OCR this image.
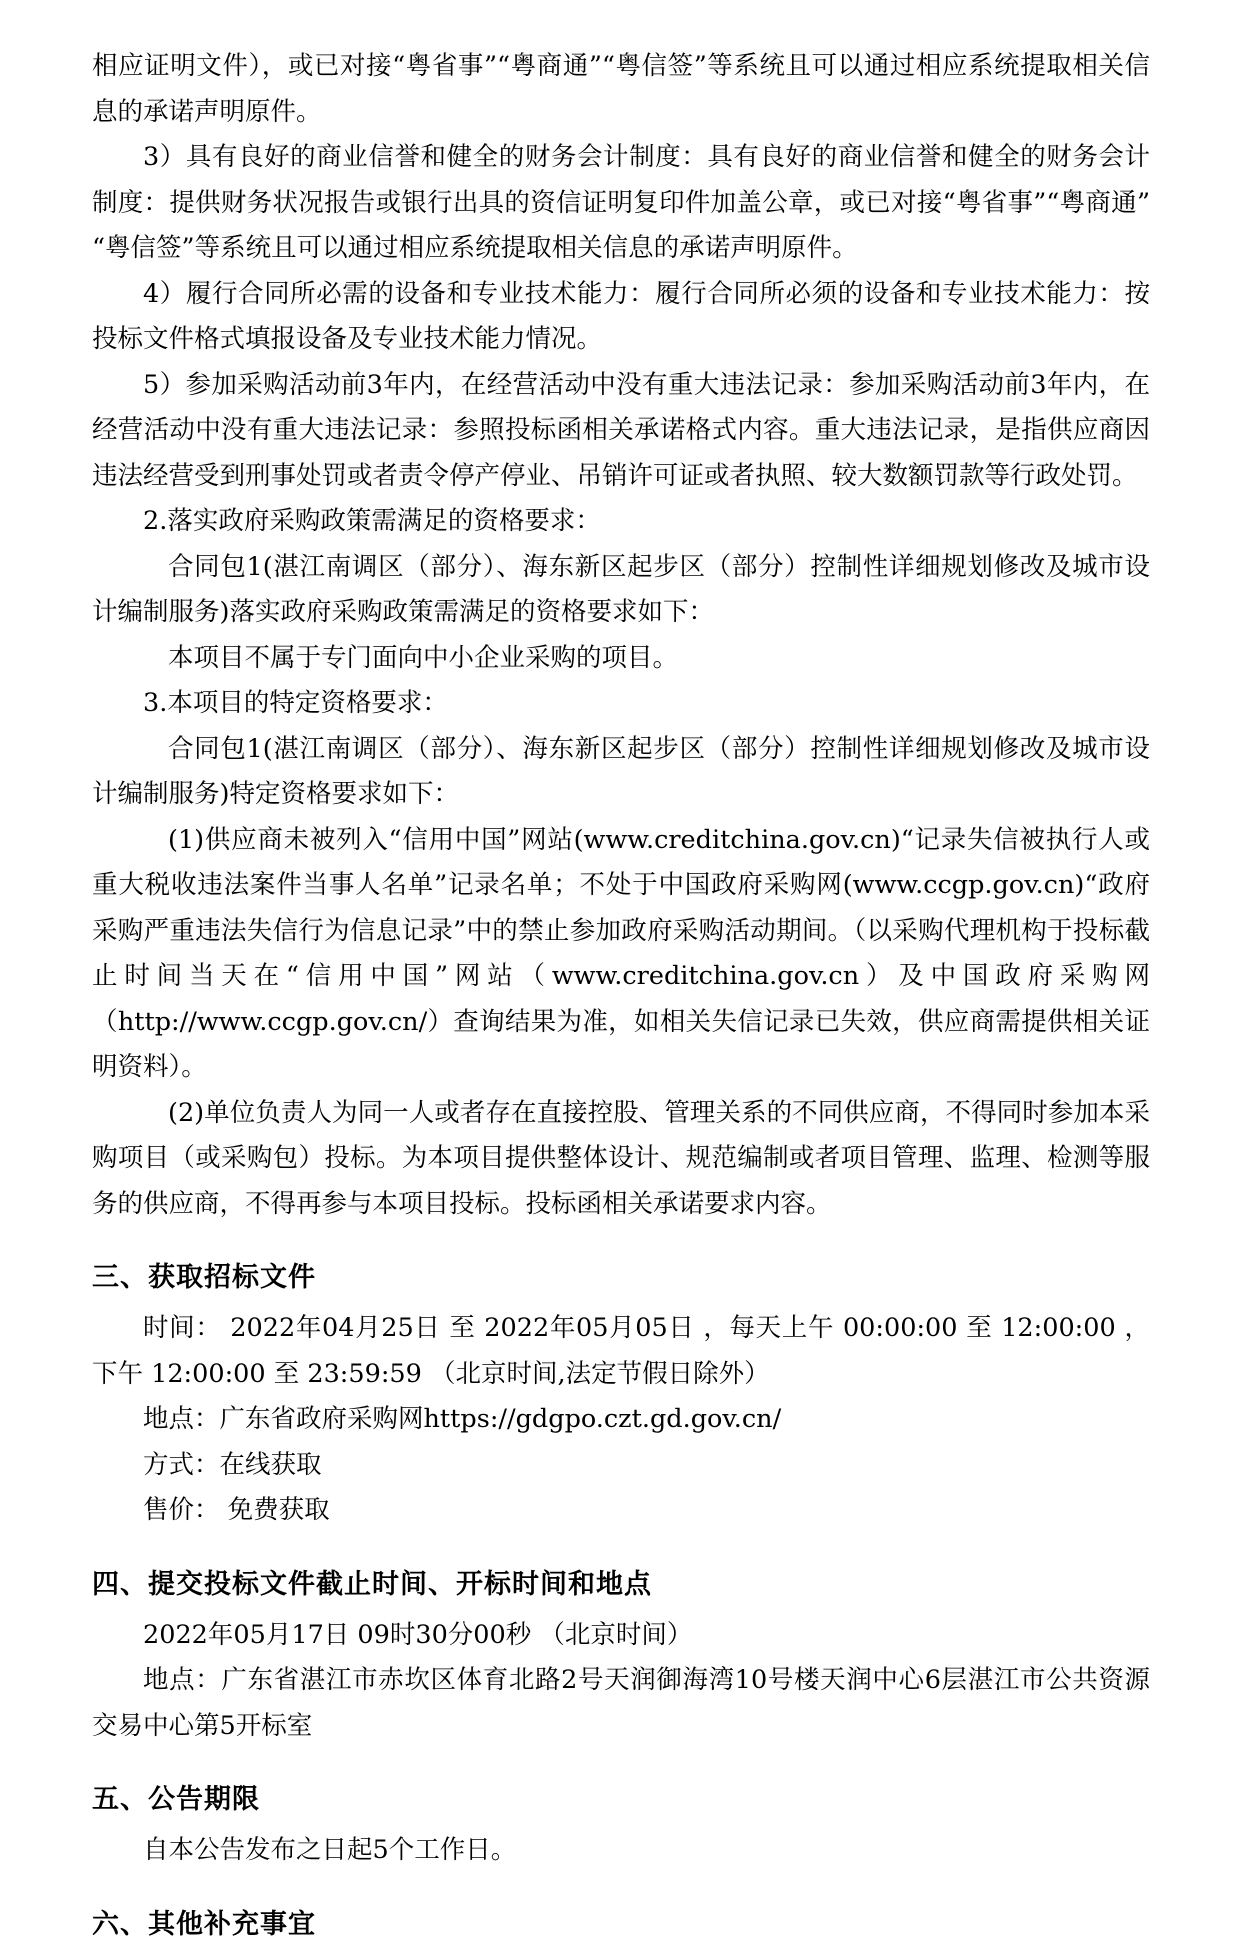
相应证明文件），或已对接“粤省事”“粤商通”“粤信签”等系统且可以通过相应系统提取相关信息的承诺声明原件。

3）具有良好的商业信誉和健全的财务会计制度：具有良好的商业信誉和健全的财务会计制度：提供财务状况报告或银行出具的资信证明复印件加盖公章，或已对接“粤省事”“粤商通”“粤信签”等系统且可以通过相应系统提取相关信息的承诺声明原件。

4）履行合同所必需的设备和专业技术能力：履行合同所必须的设备和专业技术能力：按投标文件格式填报设备及专业技术能力情况。

5）参加采购活动前3年内，在经营活动中没有重大违法记录：参加采购活动前3年内，在经营活动中没有重大违法记录：参照投标函相关承诺格式内容。重大违法记录，是指供应商因违法经营受到刑事处罚或者责令停产停业、吊销许可证或者执照、较大数额罚款等行政处罚。

2.落实政府采购政策需满足的资格要求：

合同包1(湛江南调区（部分）、海东新区起步区（部分）控制性详细规划修改及城市设计编制服务)落实政府采购政策需满足的资格要求如下：

本项目不属于专门面向中小企业采购的项目。

3.本项目的特定资格要求：

合同包1(湛江南调区（部分）、海东新区起步区（部分）控制性详细规划修改及城市设计编制服务)特定资格要求如下：

(1)供应商未被列入“信用中国”网站(www.creditchina.gov.cn)“记录失信被执行人或重大税收违法案件当事人名单”记录名单；不处于中国政府采购网(www.ccgp.gov.cn)“政府采购严重违法失信行为信息记录”中的禁止参加政府采购活动期间。（以采购代理机构于投标截止时间当天在“信用中国”网站（www.creditchina.gov.cn）及中国政府采购网（http://www.ccgp.gov.cn/）查询结果为准，如相关失信记录已失效，供应商需提供相关证明资料）。

(2)单位负责人为同一人或者存在直接控股、管理关系的不同供应商，不得同时参加本采购项目（或采购包）投标。为本项目提供整体设计、规范编制或者项目管理、监理、检测等服务的供应商，不得再参与本项目投标。投标函相关承诺要求内容。

三、获取招标文件

时间： 2022年04月25日 至 2022年05月05日 ，每天上午 00:00:00 至 12:00:00 ，下午 12:00:00 至 23:59:59 （北京时间,法定节假日除外）

地点：广东省政府采购网https://gdgpo.czt.gd.gov.cn/

方式：在线获取

售价： 免费获取

四、提交投标文件截止时间、开标时间和地点

2022年05月17日 09时30分00秒 （北京时间）

地点：广东省湛江市赤坎区体育北路2号天润御海湾10号楼天润中心6层湛江市公共资源交易中心第5开标室

五、公告期限

自本公告发布之日起5个工作日。

六、其他补充事宜
